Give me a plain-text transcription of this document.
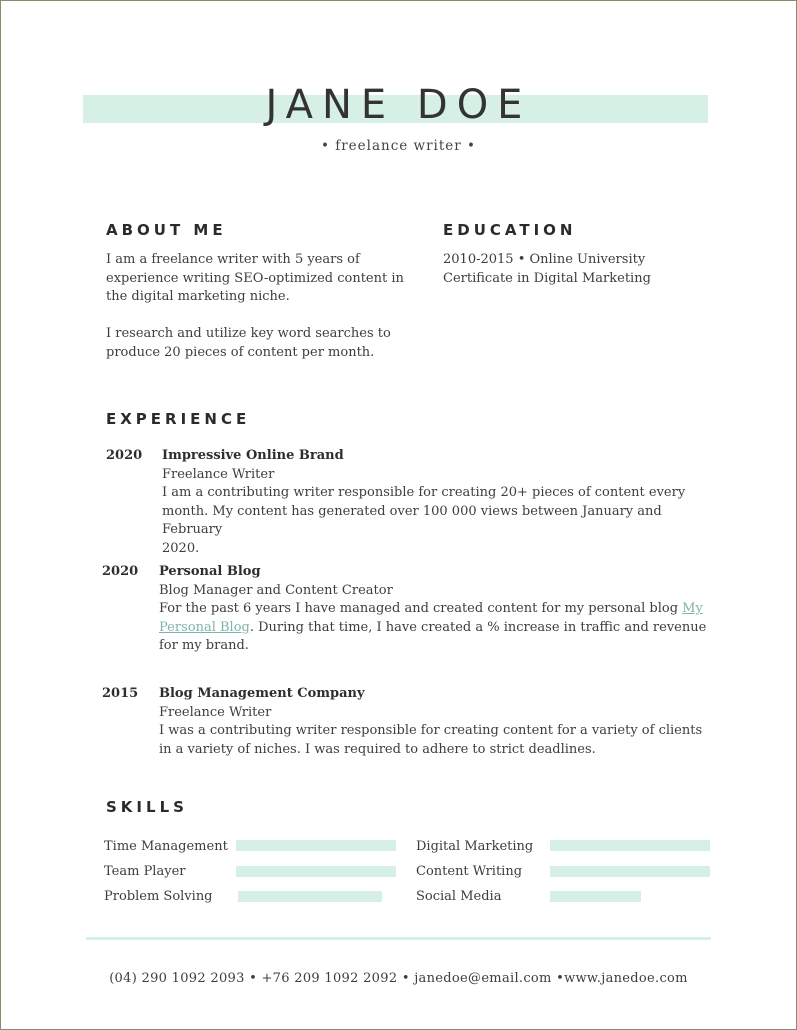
JANE DOE
• freelance writer •
ABOUT ME
I am a freelance writer with 5 years of
experience writing SEO-optimized content in
the digital marketing niche.
I research and utilize key word searches to
produce 20 pieces of content per month.
EDUCATION
2010-2015 • Online University
Certificate in Digital Marketing
EXPERIENCE
2020 Impressive Online Brand
Freelance Writer
I am a contributing writer responsible for creating 20+ pieces of content every
month. My content has generated over 100 000 views between January and February
2020.
2020 Personal Blog
Blog Manager and Content Creator
For the past 6 years I have managed and created content for my personal blog My
Personal Blog. During that time, I have created a % increase in traffic and revenue
for my brand.
2015 Blog Management Company
Freelance Writer
I was a contributing writer responsible for creating content for a variety of clients
in a variety of niches. I was required to adhere to strict deadlines.
SKILLS
Time Management
Team Player
Problem Solving
Digital Marketing
Content Writing
Social Media
(04) 290 1092 2093 • +76 209 1092 2092 • janedoe@email.com •www.janedoe.com
